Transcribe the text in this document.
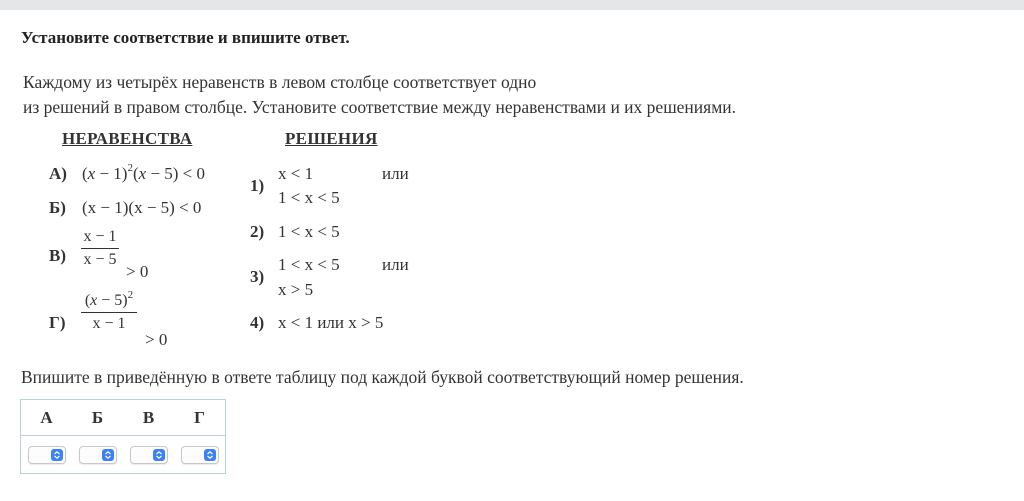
Установите соответствие и впишите ответ.
Каждому из четырёх неравенств в левом столбце соответствует одно
из решений в правом столбце. Установите соответствие между неравенствами и их решениями.
НЕРАВЕНСТВА	РЕШЕНИЯ
А) $(x - 1)^2(x - 5) < 0$
Б) (x − 1)(x − 5) < 0
В)
x − 1
x − 5
> 0
Г)
$(x - 5)^2$
x − 1
> 0
1)
x < 1	или
1 < x < 5
2) 1 < x < 5
3)
1 < x < 5 или
x > 5
4) x < 1 или x > 5
Впишите в приведённую в ответе таблицу под каждой буквой соответствующий номер решения.
А	Б	В	Г
